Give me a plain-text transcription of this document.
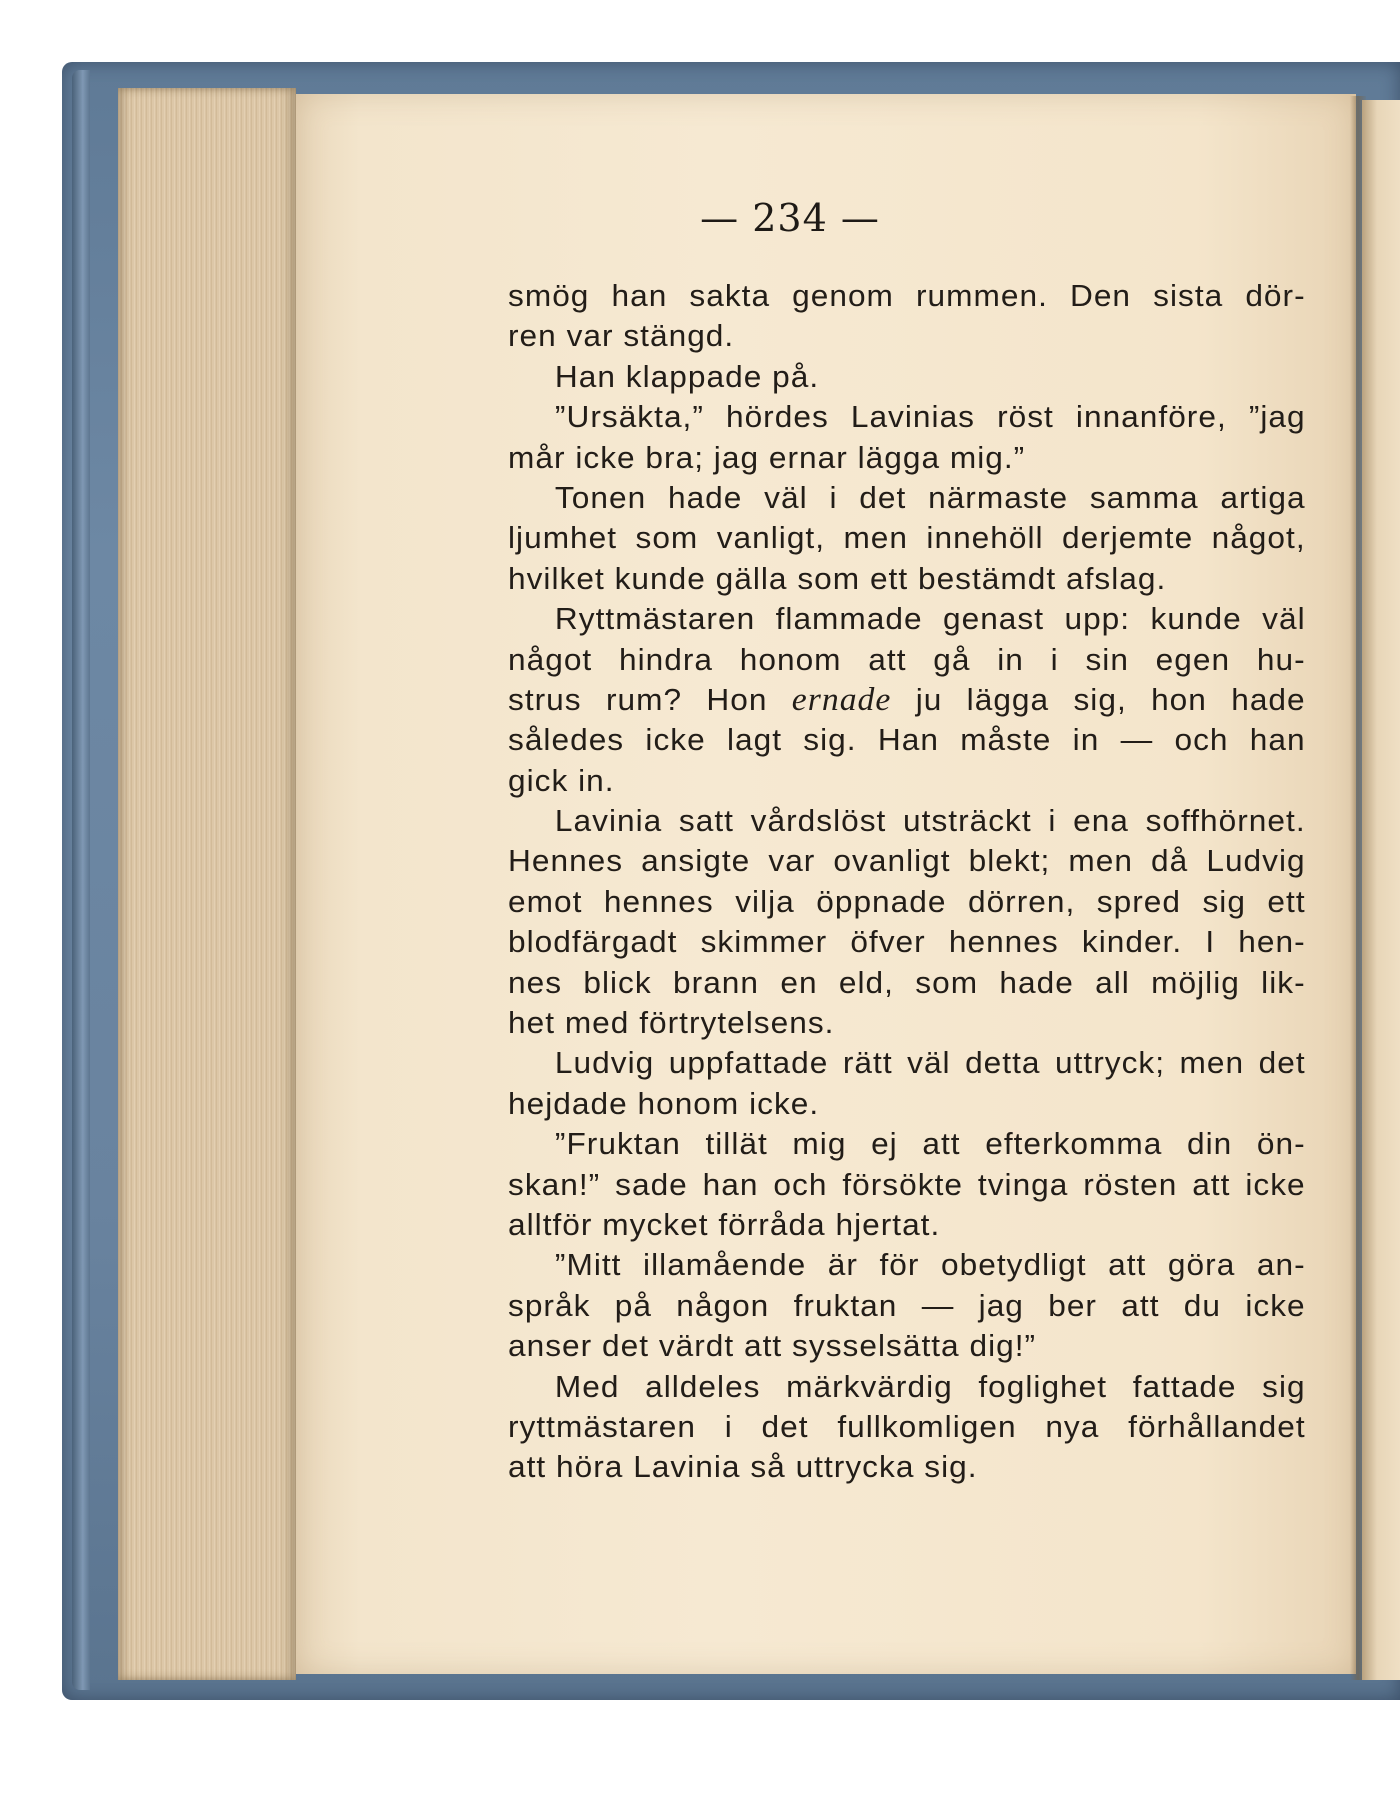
— 234 —
smög han sakta genom rummen. Den sista dör-
ren var stängd.
Han klappade på.
”Ursäkta,” hördes Lavinias röst innanföre, ”jag
mår icke bra; jag ernar lägga mig.”
Tonen hade väl i det närmaste samma artiga
ljumhet som vanligt, men innehöll derjemte något,
hvilket kunde gälla som ett bestämdt afslag.
Ryttmästaren flammade genast upp: kunde väl
något hindra honom att gå in i sin egen hu-
strus rum? Hon ernade ju lägga sig, hon hade
således icke lagt sig. Han måste in — och han
gick in.
Lavinia satt vårdslöst utsträckt i ena soffhörnet.
Hennes ansigte var ovanligt blekt; men då Ludvig
emot hennes vilja öppnade dörren, spred sig ett
blodfärgadt skimmer öfver hennes kinder. I hen-
nes blick brann en eld, som hade all möjlig lik-
het med förtrytelsens.
Ludvig uppfattade rätt väl detta uttryck; men det
hejdade honom icke.
”Fruktan tillät mig ej att efterkomma din ön-
skan!” sade han och försökte tvinga rösten att icke
alltför mycket förråda hjertat.
”Mitt illamående är för obetydligt att göra an-
språk på någon fruktan — jag ber att du icke
anser det värdt att sysselsätta dig!”
Med alldeles märkvärdig foglighet fattade sig
ryttmästaren i det fullkomligen nya förhållandet
att höra Lavinia så uttrycka sig.
